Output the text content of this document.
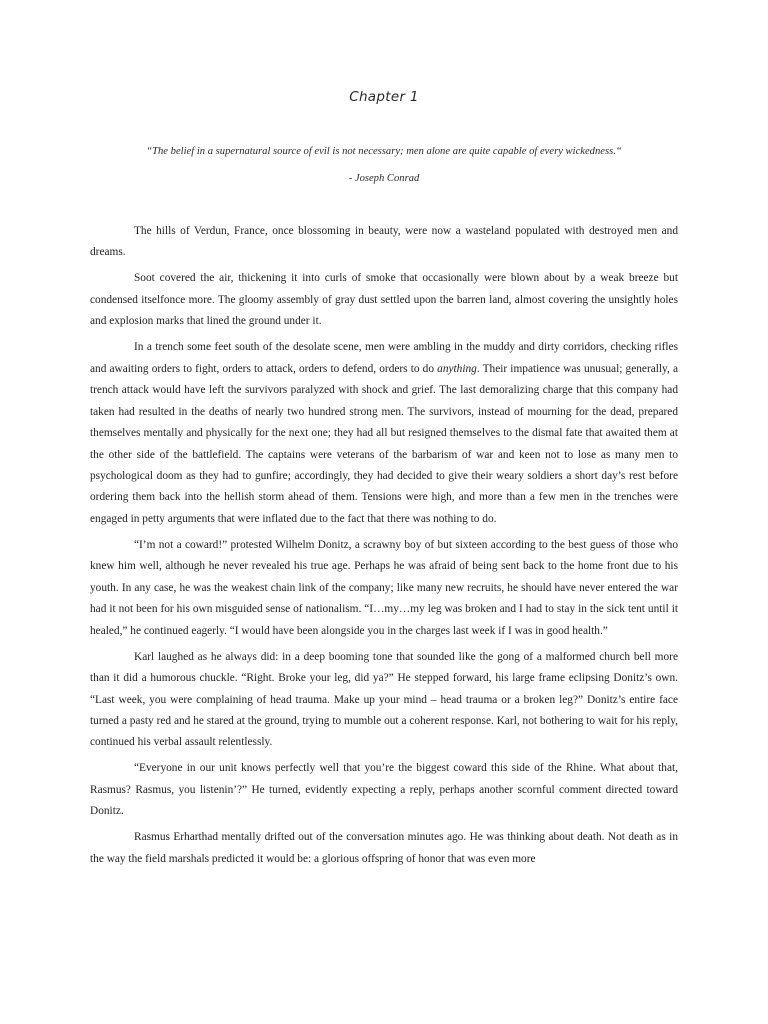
Chapter 1
“The belief in a supernatural source of evil is not necessary; men alone are quite capable of every wickedness.“
- Joseph Conrad

The hills of Verdun, France, once blossoming in beauty, were now a wasteland populated with destroyed men and dreams.

Soot covered the air, thickening it into curls of smoke that occasionally were blown about by a weak breeze but condensed itselfonce more. The gloomy assembly of gray dust settled upon the barren land, almost covering the unsightly holes and explosion marks that lined the ground under it.

In a trench some feet south of the desolate scene, men were ambling in the muddy and dirty corridors, checking rifles and awaiting orders to fight, orders to attack, orders to defend, orders to do anything. Their impatience was unusual; generally, a trench attack would have left the survivors paralyzed with shock and grief. The last demoralizing charge that this company had taken had resulted in the deaths of nearly two hundred strong men. The survivors, instead of mourning for the dead, prepared themselves mentally and physically for the next one; they had all but resigned themselves to the dismal fate that awaited them at the other side of the battlefield. The captains were veterans of the barbarism of war and keen not to lose as many men to psychological doom as they had to gunfire; accordingly, they had decided to give their weary soldiers a short day’s rest before ordering them back into the hellish storm ahead of them. Tensions were high, and more than a few men in the trenches were engaged in petty arguments that were inflated due to the fact that there was nothing to do.

“I’m not a coward!” protested Wilhelm Donitz, a scrawny boy of but sixteen according to the best guess of those who knew him well, although he never revealed his true age. Perhaps he was afraid of being sent back to the home front due to his youth. In any case, he was the weakest chain link of the company; like many new recruits, he should have never entered the war had it not been for his own misguided sense of nationalism. “I…my…my leg was broken and I had to stay in the sick tent until it healed,” he continued eagerly. “I would have been alongside you in the charges last week if I was in good health.”

Karl laughed as he always did: in a deep booming tone that sounded like the gong of a malformed church bell more than it did a humorous chuckle. “Right. Broke your leg, did ya?” He stepped forward, his large frame eclipsing Donitz’s own. “Last week, you were complaining of head trauma. Make up your mind – head trauma or a broken leg?” Donitz’s entire face turned a pasty red and he stared at the ground, trying to mumble out a coherent response. Karl, not bothering to wait for his reply, continued his verbal assault relentlessly.

“Everyone in our unit knows perfectly well that you’re the biggest coward this side of the Rhine. What about that, Rasmus? Rasmus, you listenin’?” He turned, evidently expecting a reply, perhaps another scornful comment directed toward Donitz.

Rasmus Erharthad mentally drifted out of the conversation minutes ago. He was thinking about death. Not death as in the way the field marshals predicted it would be: a glorious offspring of honor that was even more
